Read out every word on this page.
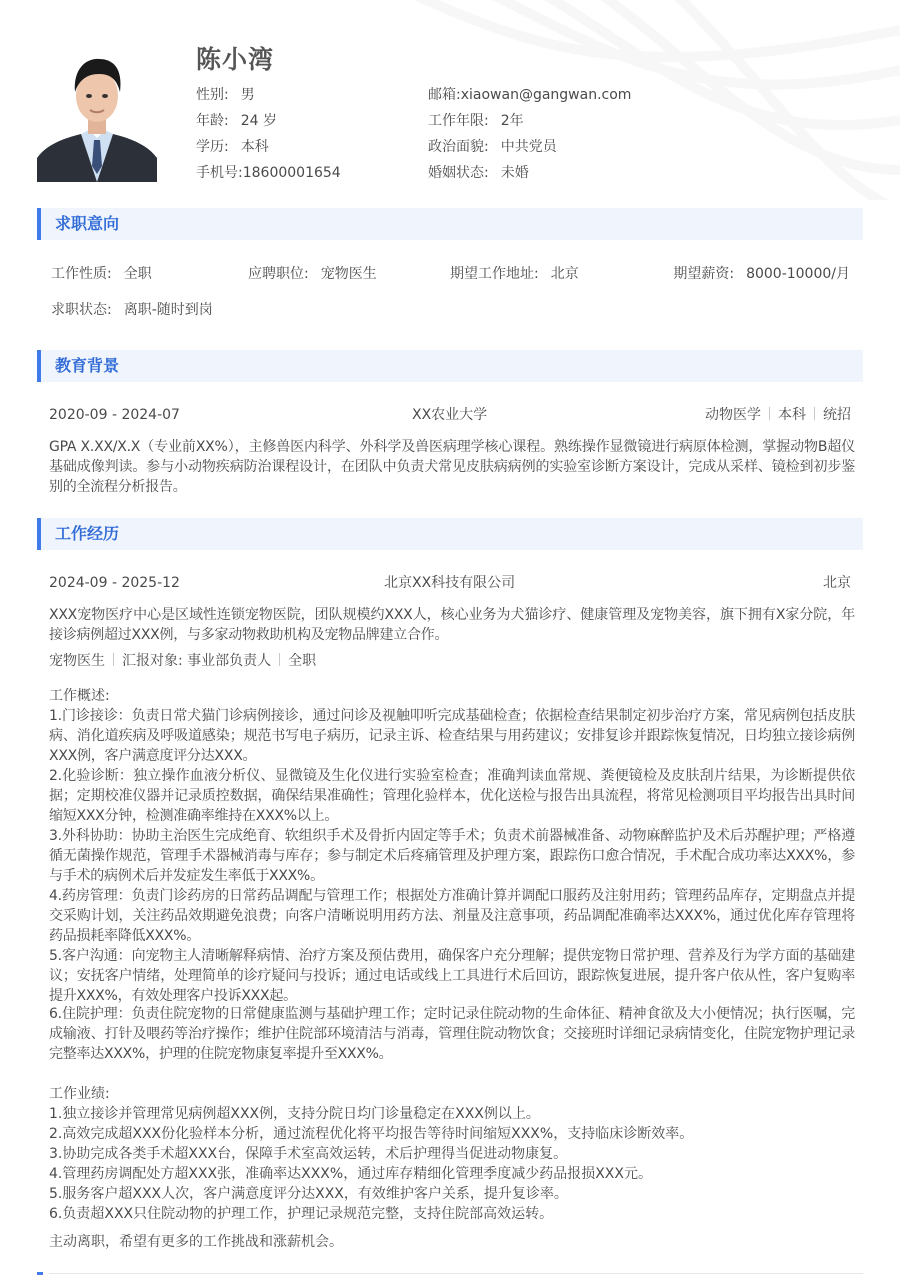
陈小湾
性别: 男	邮箱:xiaowan@gangwan.com
年龄: 24 岁	工作年限: 2年
学历: 本科	政治面貌: 中共党员
手机号:18600001654	婚姻状态: 未婚
求职意向
工作性质: 全职	应聘职位: 宠物医生	期望工作地址: 北京	期望薪资: 8000-10000/月
求职状态: 离职-随时到岗
教育背景
2020-09 - 2024-07	XX农业大学	动物医学 本科 统招
GPA X.XX/X.X（专业前XX%），主修兽医内科学、外科学及兽医病理学核心课程。熟练操作显微镜进行病原体检测，掌握动物B超仪基础成像判读。参与小动物疾病防治课程设计，在团队中负责犬常见皮肤病病例的实验室诊断方案设计，完成从采样、镜检到初步鉴别的全流程分析报告。
工作经历
2024-09 - 2025-12	北京XX科技有限公司	北京
XXX宠物医疗中心是区域性连锁宠物医院，团队规模约XXX人，核心业务为犬猫诊疗、健康管理及宠物美容，旗下拥有X家分院，年接诊病例超过XXX例，与多家动物救助机构及宠物品牌建立合作。
宠物医生 汇报对象: 事业部负责人 全职
工作概述:
1.门诊接诊：负责日常犬猫门诊病例接诊，通过问诊及视触叩听完成基础检查；依据检查结果制定初步治疗方案，常见病例包括皮肤病、消化道疾病及呼吸道感染；规范书写电子病历，记录主诉、检查结果与用药建议；安排复诊并跟踪恢复情况，日均独立接诊病例XXX例，客户满意度评分达XXX。
2.化验诊断：独立操作血液分析仪、显微镜及生化仪进行实验室检查；准确判读血常规、粪便镜检及皮肤刮片结果，为诊断提供依据；定期校准仪器并记录质控数据，确保结果准确性；管理化验样本，优化送检与报告出具流程，将常见检测项目平均报告出具时间缩短XXX分钟，检测准确率维持在XXX%以上。
3.外科协助：协助主治医生完成绝育、软组织手术及骨折内固定等手术；负责术前器械准备、动物麻醉监护及术后苏醒护理；严格遵循无菌操作规范，管理手术器械消毒与库存；参与制定术后疼痛管理及护理方案，跟踪伤口愈合情况，手术配合成功率达XXX%，参与手术的病例术后并发症发生率低于XXX%。
4.药房管理：负责门诊药房的日常药品调配与管理工作；根据处方准确计算并调配口服药及注射用药；管理药品库存，定期盘点并提交采购计划，关注药品效期避免浪费；向客户清晰说明用药方法、剂量及注意事项，药品调配准确率达XXX%，通过优化库存管理将药品损耗率降低XXX%。
5.客户沟通：向宠物主人清晰解释病情、治疗方案及预估费用，确保客户充分理解；提供宠物日常护理、营养及行为学方面的基础建议；安抚客户情绪，处理简单的诊疗疑问与投诉；通过电话或线上工具进行术后回访，跟踪恢复进展，提升客户依从性，客户复购率提升XXX%，有效处理客户投诉XXX起。
6.住院护理：负责住院宠物的日常健康监测与基础护理工作；定时记录住院动物的生命体征、精神食欲及大小便情况；执行医嘱，完成输液、打针及喂药等治疗操作；维护住院部环境清洁与消毒，管理住院动物饮食；交接班时详细记录病情变化，住院宠物护理记录完整率达XXX%，护理的住院宠物康复率提升至XXX%。
工作业绩:
1.独立接诊并管理常见病例超XXX例，支持分院日均门诊量稳定在XXX例以上。
2.高效完成超XXX份化验样本分析，通过流程优化将平均报告等待时间缩短XXX%，支持临床诊断效率。
3.协助完成各类手术超XXX台，保障手术室高效运转，术后护理得当促进动物康复。
4.管理药房调配处方超XXX张，准确率达XXX%，通过库存精细化管理季度减少药品报损XXX元。
5.服务客户超XXX人次，客户满意度评分达XXX，有效维护客户关系，提升复诊率。
6.负责超XXX只住院动物的护理工作，护理记录规范完整，支持住院部高效运转。
主动离职，希望有更多的工作挑战和涨薪机会。
